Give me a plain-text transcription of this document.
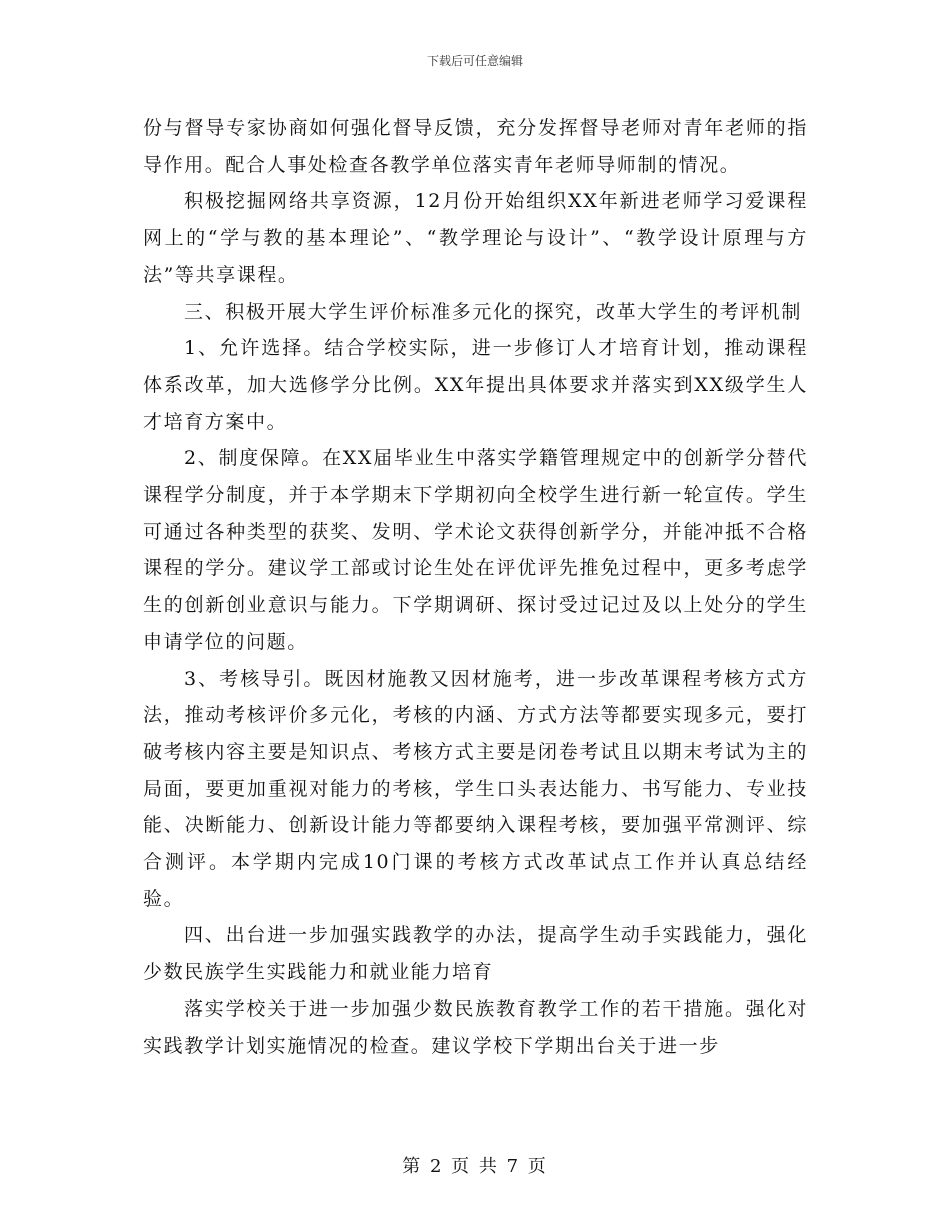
下载后可任意编辑

份与督导专家协商如何强化督导反馈，充分发挥督导老师对青年老师的指导作用。配合人事处检查各教学单位落实青年老师导师制的情况。

积极挖掘网络共享资源，12月份开始组织XX年新进老师学习爱课程网上的“学与教的基本理论”、“教学理论与设计”、“教学设计原理与方法”等共享课程。

三、积极开展大学生评价标准多元化的探究，改革大学生的考评机制

1、允许选择。结合学校实际，进一步修订人才培育计划，推动课程体系改革，加大选修学分比例。XX年提出具体要求并落实到XX级学生人才培育方案中。

2、制度保障。在XX届毕业生中落实学籍管理规定中的创新学分替代课程学分制度，并于本学期末下学期初向全校学生进行新一轮宣传。学生可通过各种类型的获奖、发明、学术论文获得创新学分，并能冲抵不合格课程的学分。建议学工部或讨论生处在评优评先推免过程中，更多考虑学生的创新创业意识与能力。下学期调研、探讨受过记过及以上处分的学生申请学位的问题。

3、考核导引。既因材施教又因材施考，进一步改革课程考核方式方法，推动考核评价多元化，考核的内涵、方式方法等都要实现多元，要打破考核内容主要是知识点、考核方式主要是闭卷考试且以期末考试为主的局面，要更加重视对能力的考核，学生口头表达能力、书写能力、专业技能、决断能力、创新设计能力等都要纳入课程考核，要加强平常测评、综合测评。本学期内完成10门课的考核方式改革试点工作并认真总结经验。

四、出台进一步加强实践教学的办法，提高学生动手实践能力，强化少数民族学生实践能力和就业能力培育

落实学校关于进一步加强少数民族教育教学工作的若干措施。强化对实践教学计划实施情况的检查。建议学校下学期出台关于进一步

第 2 页 共 7 页
